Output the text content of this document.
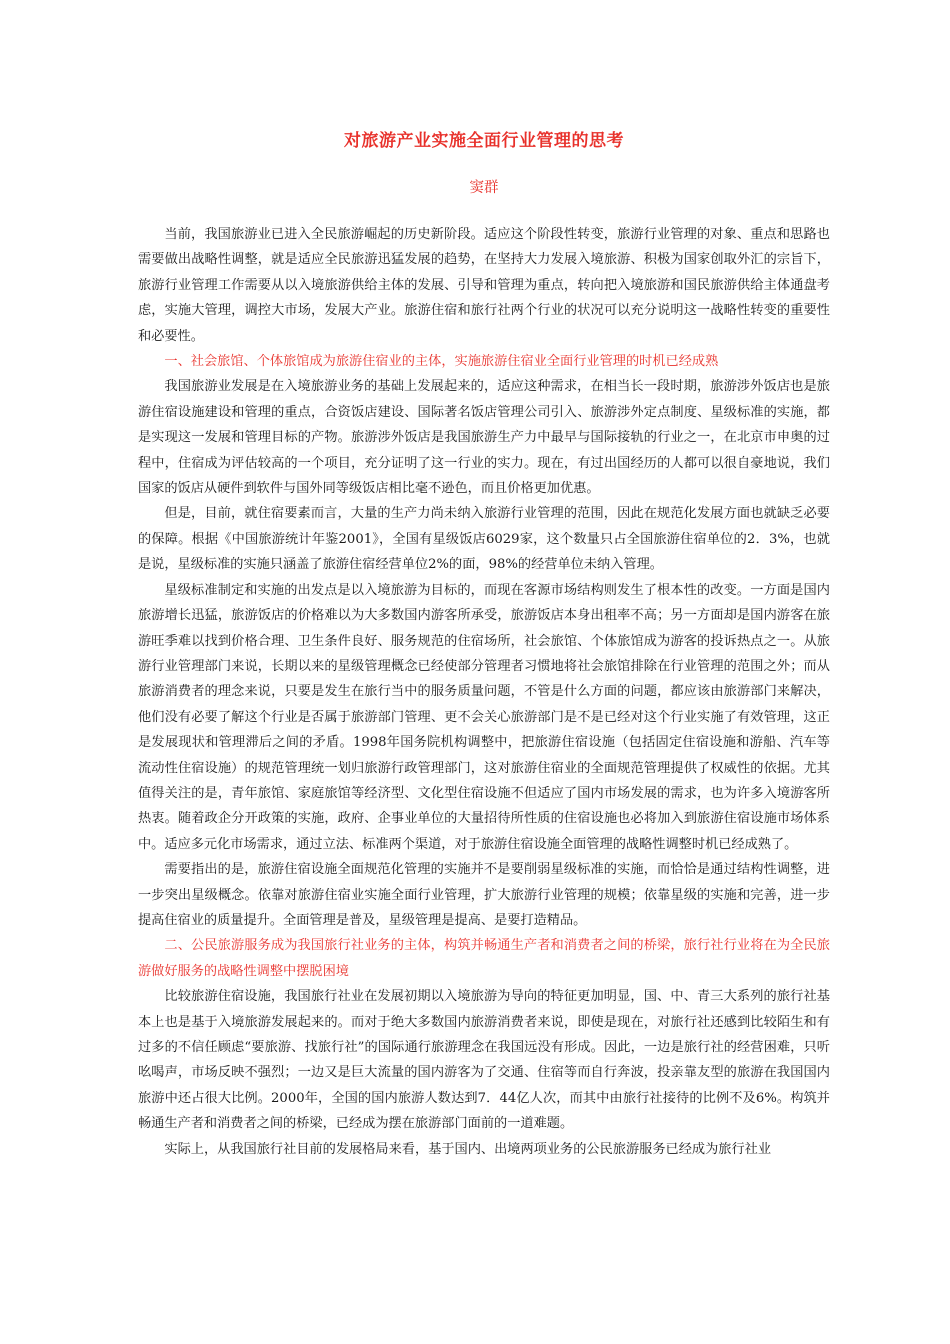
对旅游产业实施全面行业管理的思考
窦群

当前，我国旅游业已进入全民旅游崛起的历史新阶段。适应这个阶段性转变，旅游行业管理的对象、重点和思路也需要做出战略性调整，就是适应全民旅游迅猛发展的趋势，在坚持大力发展入境旅游、积极为国家创取外汇的宗旨下，旅游行业管理工作需要从以入境旅游供给主体的发展、引导和管理为重点，转向把入境旅游和国民旅游供给主体通盘考虑，实施大管理，调控大市场，发展大产业。旅游住宿和旅行社两个行业的状况可以充分说明这一战略性转变的重要性和必要性。

一、社会旅馆、个体旅馆成为旅游住宿业的主体，实施旅游住宿业全面行业管理的时机已经成熟

我国旅游业发展是在入境旅游业务的基础上发展起来的，适应这种需求，在相当长一段时期，旅游涉外饭店也是旅游住宿设施建设和管理的重点，合资饭店建设、国际著名饭店管理公司引入、旅游涉外定点制度、星级标准的实施，都是实现这一发展和管理目标的产物。旅游涉外饭店是我国旅游生产力中最早与国际接轨的行业之一，在北京市申奥的过程中，住宿成为评估较高的一个项目，充分证明了这一行业的实力。现在，有过出国经历的人都可以很自豪地说，我们国家的饭店从硬件到软件与国外同等级饭店相比毫不逊色，而且价格更加优惠。

但是，目前，就住宿要素而言，大量的生产力尚未纳入旅游行业管理的范围，因此在规范化发展方面也就缺乏必要的保障。根据《中国旅游统计年鉴2001》，全国有星级饭店6029家，这个数量只占全国旅游住宿单位的2．3%，也就是说，星级标准的实施只涵盖了旅游住宿经营单位2%的面，98%的经营单位未纳入管理。

星级标准制定和实施的出发点是以入境旅游为目标的，而现在客源市场结构则发生了根本性的改变。一方面是国内旅游增长迅猛，旅游饭店的价格难以为大多数国内游客所承受，旅游饭店本身出租率不高；另一方面却是国内游客在旅游旺季难以找到价格合理、卫生条件良好、服务规范的住宿场所，社会旅馆、个体旅馆成为游客的投诉热点之一。从旅游行业管理部门来说，长期以来的星级管理概念已经使部分管理者习惯地将社会旅馆排除在行业管理的范围之外；而从旅游消费者的理念来说，只要是发生在旅行当中的服务质量问题，不管是什么方面的问题，都应该由旅游部门来解决，他们没有必要了解这个行业是否属于旅游部门管理、更不会关心旅游部门是不是已经对这个行业实施了有效管理，这正是发展现状和管理滞后之间的矛盾。1998年国务院机构调整中，把旅游住宿设施（包括固定住宿设施和游船、汽车等流动性住宿设施）的规范管理统一划归旅游行政管理部门，这对旅游住宿业的全面规范管理提供了权威性的依据。尤其值得关注的是，青年旅馆、家庭旅馆等经济型、文化型住宿设施不但适应了国内市场发展的需求，也为许多入境游客所热衷。随着政企分开政策的实施，政府、企事业单位的大量招待所性质的住宿设施也必将加入到旅游住宿设施市场体系中。适应多元化市场需求，通过立法、标准两个渠道，对于旅游住宿设施全面管理的战略性调整时机已经成熟了。

需要指出的是，旅游住宿设施全面规范化管理的实施并不是要削弱星级标准的实施，而恰恰是通过结构性调整，进一步突出星级概念。依靠对旅游住宿业实施全面行业管理，扩大旅游行业管理的规模；依靠星级的实施和完善，进一步提高住宿业的质量提升。全面管理是普及，星级管理是提高、是要打造精品。

二、公民旅游服务成为我国旅行社业务的主体，构筑并畅通生产者和消费者之间的桥梁，旅行社行业将在为全民旅游做好服务的战略性调整中摆脱困境

比较旅游住宿设施，我国旅行社业在发展初期以入境旅游为导向的特征更加明显，国、中、青三大系列的旅行社基本上也是基于入境旅游发展起来的。而对于绝大多数国内旅游消费者来说，即使是现在，对旅行社还感到比较陌生和有过多的不信任顾虑“要旅游、找旅行社”的国际通行旅游理念在我国远没有形成。因此，一边是旅行社的经营困难，只听吆喝声，市场反映不强烈；一边又是巨大流量的国内游客为了交通、住宿等而自行奔波，投亲靠友型的旅游在我国国内旅游中还占很大比例。2000年，全国的国内旅游人数达到7．44亿人次，而其中由旅行社接待的比例不及6%。构筑并畅通生产者和消费者之间的桥梁，已经成为摆在旅游部门面前的一道难题。

实际上，从我国旅行社目前的发展格局来看，基于国内、出境两项业务的公民旅游服务已经成为旅行社业
